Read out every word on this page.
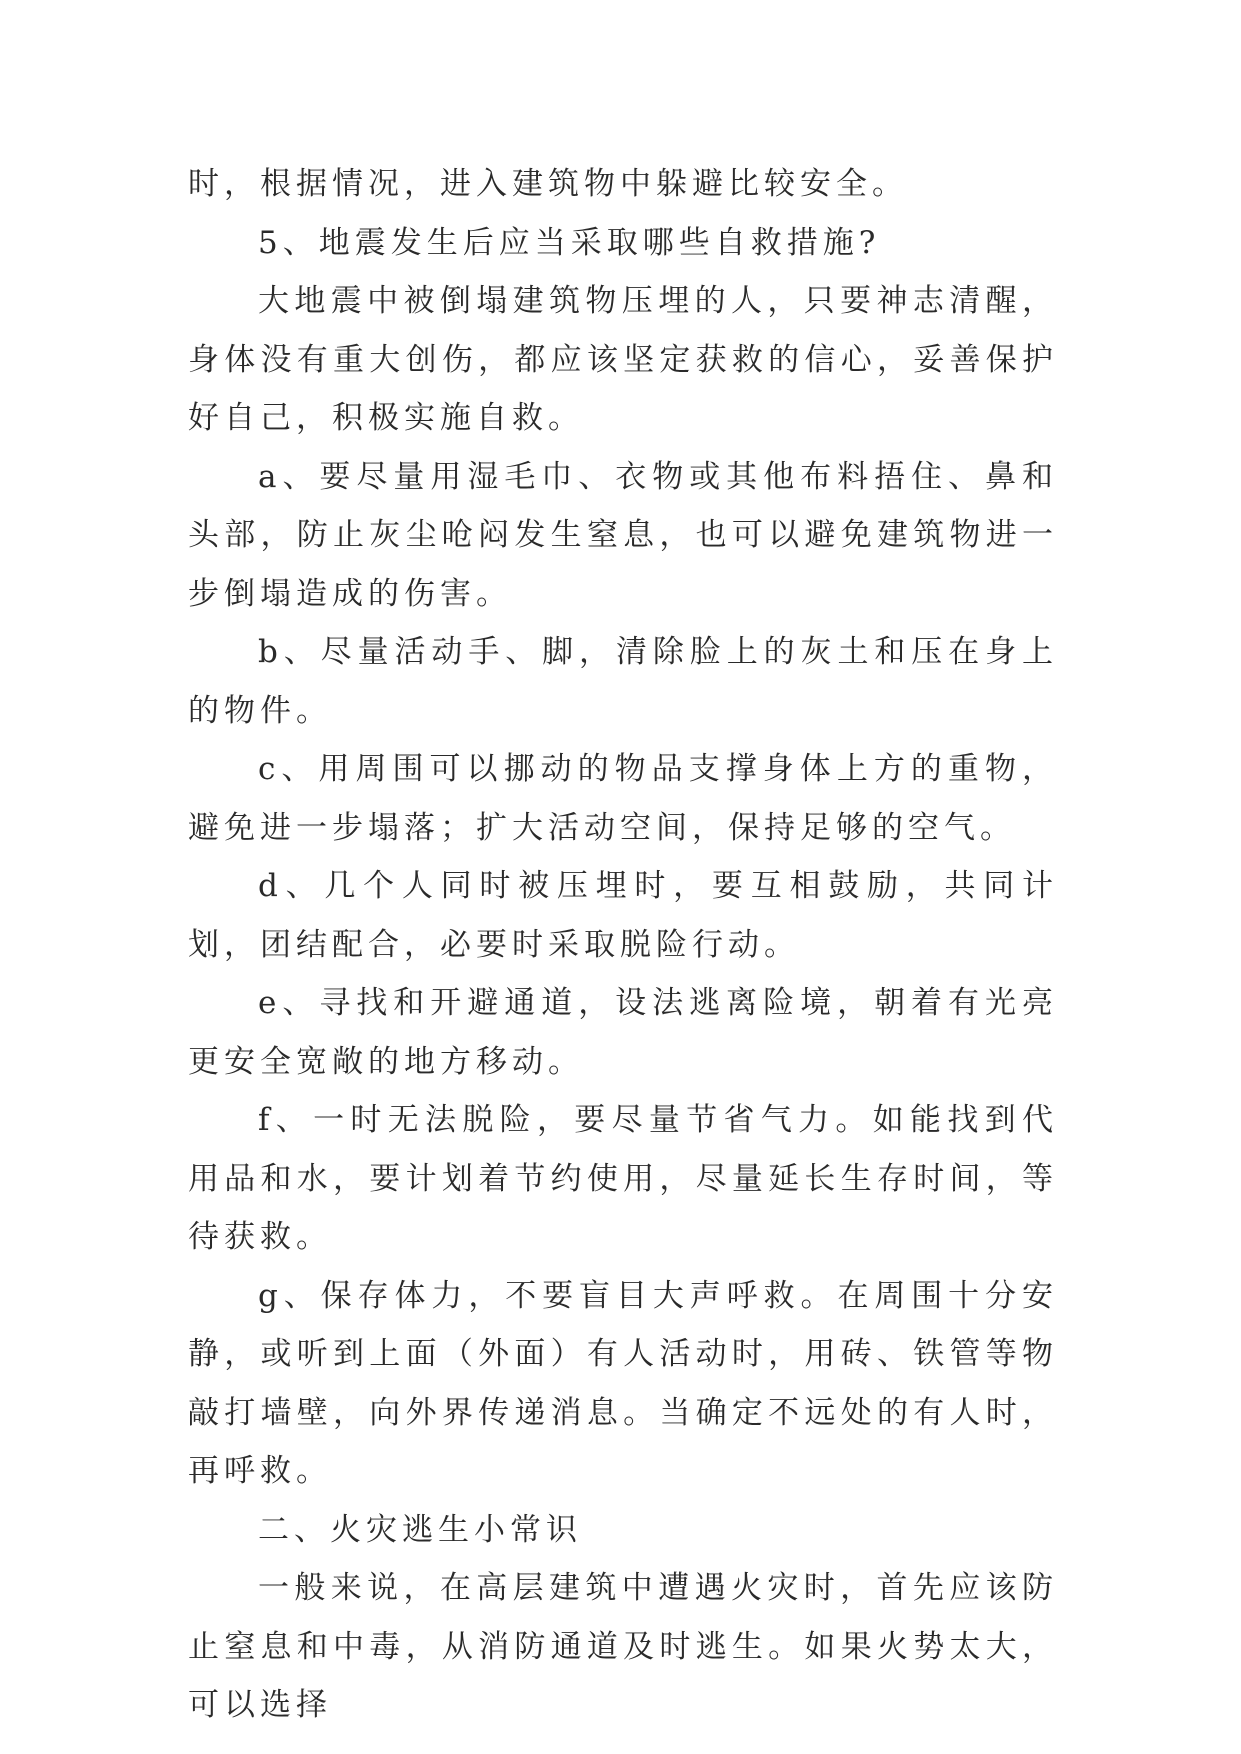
时，根据情况，进入建筑物中躲避比较安全。

5、地震发生后应当采取哪些自救措施?

大地震中被倒塌建筑物压埋的人，只要神志清醒，身体没有重大创伤，都应该坚定获救的信心，妥善保护好自己，积极实施自救。

a、要尽量用湿毛巾、衣物或其他布料捂住、鼻和头部，防止灰尘呛闷发生窒息，也可以避免建筑物进一步倒塌造成的伤害。

b、尽量活动手、脚，清除脸上的灰土和压在身上的物件。

c、用周围可以挪动的物品支撑身体上方的重物，避免进一步塌落；扩大活动空间，保持足够的空气。

d、几个人同时被压埋时，要互相鼓励，共同计划，团结配合，必要时采取脱险行动。

e、寻找和开避通道，设法逃离险境，朝着有光亮更安全宽敞的地方移动。

f、一时无法脱险，要尽量节省气力。如能找到代用品和水，要计划着节约使用，尽量延长生存时间，等待获救。

g、保存体力，不要盲目大声呼救。在周围十分安静，或听到上面（外面）有人活动时，用砖、铁管等物敲打墙壁，向外界传递消息。当确定不远处的有人时，再呼救。

二、火灾逃生小常识

一般来说，在高层建筑中遭遇火灾时，首先应该防止窒息和中毒，从消防通道及时逃生。如果火势太大，可以选择
